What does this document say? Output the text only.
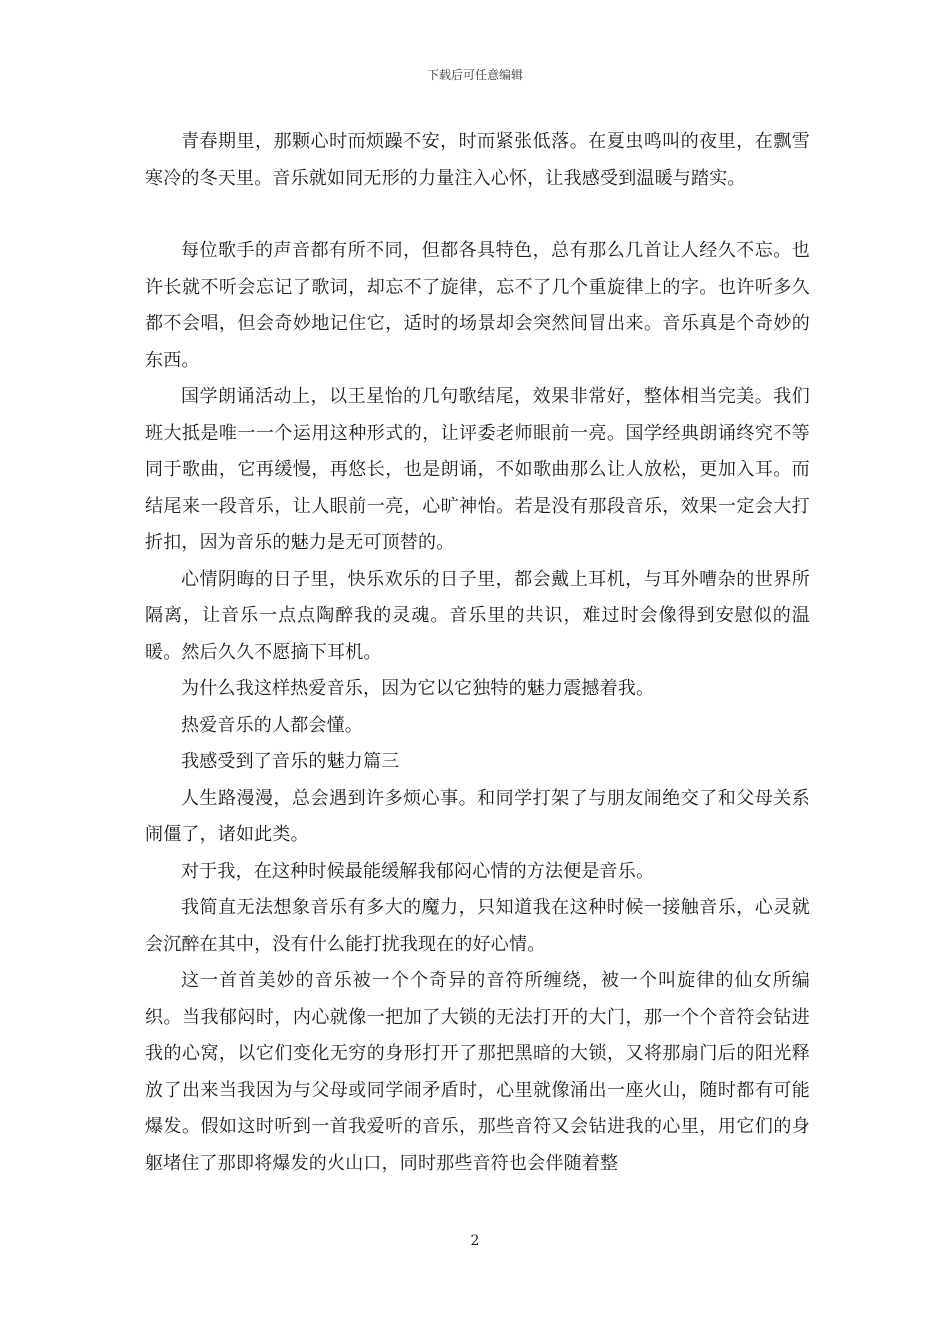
下载后可任意编辑

青春期里，那颗心时而烦躁不安，时而紧张低落。在夏虫鸣叫的夜里，在飘雪寒冷的冬天里。音乐就如同无形的力量注入心怀，让我感受到温暖与踏实。

每位歌手的声音都有所不同，但都各具特色，总有那么几首让人经久不忘。也许长就不听会忘记了歌词，却忘不了旋律，忘不了几个重旋律上的字。也许听多久都不会唱，但会奇妙地记住它，适时的场景却会突然间冒出来。音乐真是个奇妙的东西。

国学朗诵活动上，以王星怡的几句歌结尾，效果非常好，整体相当完美。我们班大抵是唯一一个运用这种形式的，让评委老师眼前一亮。国学经典朗诵终究不等同于歌曲，它再缓慢，再悠长，也是朗诵，不如歌曲那么让人放松，更加入耳。而结尾来一段音乐，让人眼前一亮，心旷神怡。若是没有那段音乐，效果一定会大打折扣，因为音乐的魅力是无可顶替的。

心情阴晦的日子里，快乐欢乐的日子里，都会戴上耳机，与耳外嘈杂的世界所隔离，让音乐一点点陶醉我的灵魂。音乐里的共识，难过时会像得到安慰似的温暖。然后久久不愿摘下耳机。

为什么我这样热爱音乐，因为它以它独特的魅力震撼着我。

热爱音乐的人都会懂。

我感受到了音乐的魅力篇三

人生路漫漫，总会遇到许多烦心事。和同学打架了与朋友闹绝交了和父母关系闹僵了，诸如此类。

对于我，在这种时候最能缓解我郁闷心情的方法便是音乐。

我简直无法想象音乐有多大的魔力，只知道我在这种时候一接触音乐，心灵就会沉醉在其中，没有什么能打扰我现在的好心情。

这一首首美妙的音乐被一个个奇异的音符所缠绕，被一个叫旋律的仙女所编织。当我郁闷时，内心就像一把加了大锁的无法打开的大门，那一个个音符会钻进我的心窝，以它们变化无穷的身形打开了那把黑暗的大锁，又将那扇门后的阳光释放了出来当我因为与父母或同学闹矛盾时，心里就像涌出一座火山，随时都有可能爆发。假如这时听到一首我爱听的音乐，那些音符又会钻进我的心里，用它们的身躯堵住了那即将爆发的火山口，同时那些音符也会伴随着整

2
